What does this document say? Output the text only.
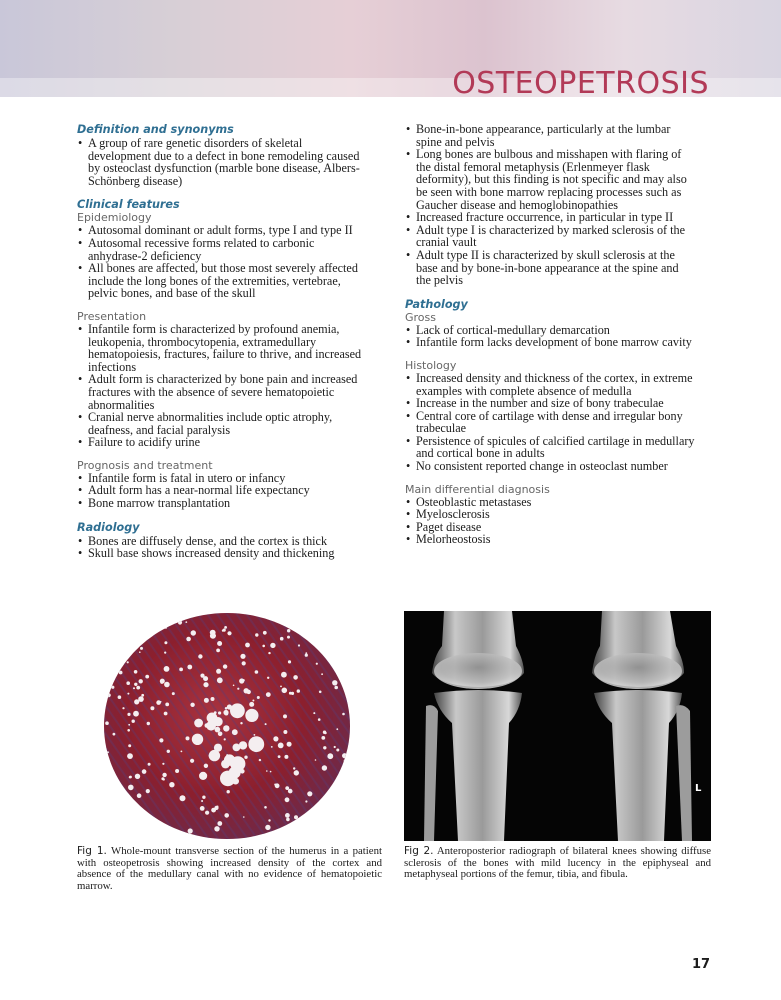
OSTEOPETROSIS
Definition and synonyms
• A group of rare genetic disorders of skeletal development due to a defect in bone remodeling caused by osteoclast dysfunction (marble bone disease, Albers-Schönberg disease)
Clinical features
Epidemiology
• Autosomal dominant or adult forms, type I and type II
• Autosomal recessive forms related to carbonic anhydrase-2 deficiency
• All bones are affected, but those most severely affected include the long bones of the extremities, vertebrae, pelvic bones, and base of the skull
Presentation
• Infantile form is characterized by profound anemia, leukopenia, thrombocytopenia, extramedullary hematopoiesis, fractures, failure to thrive, and increased infections
• Adult form is characterized by bone pain and increased fractures with the absence of severe hematopoietic abnormalities
• Cranial nerve abnormalities include optic atrophy, deafness, and facial paralysis
• Failure to acidify urine
Prognosis and treatment
• Infantile form is fatal in utero or infancy
• Adult form has a near-normal life expectancy
• Bone marrow transplantation
Radiology
• Bones are diffusely dense, and the cortex is thick
• Skull base shows increased density and thickening
• Bone-in-bone appearance, particularly at the lumbar spine and pelvis
• Long bones are bulbous and misshapen with flaring of the distal femoral metaphysis (Erlenmeyer flask deformity), but this finding is not specific and may also be seen with bone marrow replacing processes such as Gaucher disease and hemoglobinopathies
• Increased fracture occurrence, in particular in type II
• Adult type I is characterized by marked sclerosis of the cranial vault
• Adult type II is characterized by skull sclerosis at the base and by bone-in-bone appearance at the spine and the pelvis
Pathology
Gross
• Lack of cortical-medullary demarcation
• Infantile form lacks development of bone marrow cavity
Histology
• Increased density and thickness of the cortex, in extreme examples with complete absence of medulla
• Increase in the number and size of bony trabeculae
• Central core of cartilage with dense and irregular bony trabeculae
• Persistence of spicules of calcified cartilage in medullary and cortical bone in adults
• No consistent reported change in osteoclast number
Main differential diagnosis
• Osteoblastic metastases
• Myelosclerosis
• Paget disease
• Melorheostosis
L
Fig 1. Whole-mount transverse section of the humerus in a patient with osteopetrosis showing increased density of the cortex and absence of the medullary canal with no evidence of hematopoietic marrow.
Fig 2. Anteroposterior radiograph of bilateral knees showing diffuse sclerosis of the bones with mild lucency in the epiphyseal and metaphyseal portions of the femur, tibia, and fibula.
17
